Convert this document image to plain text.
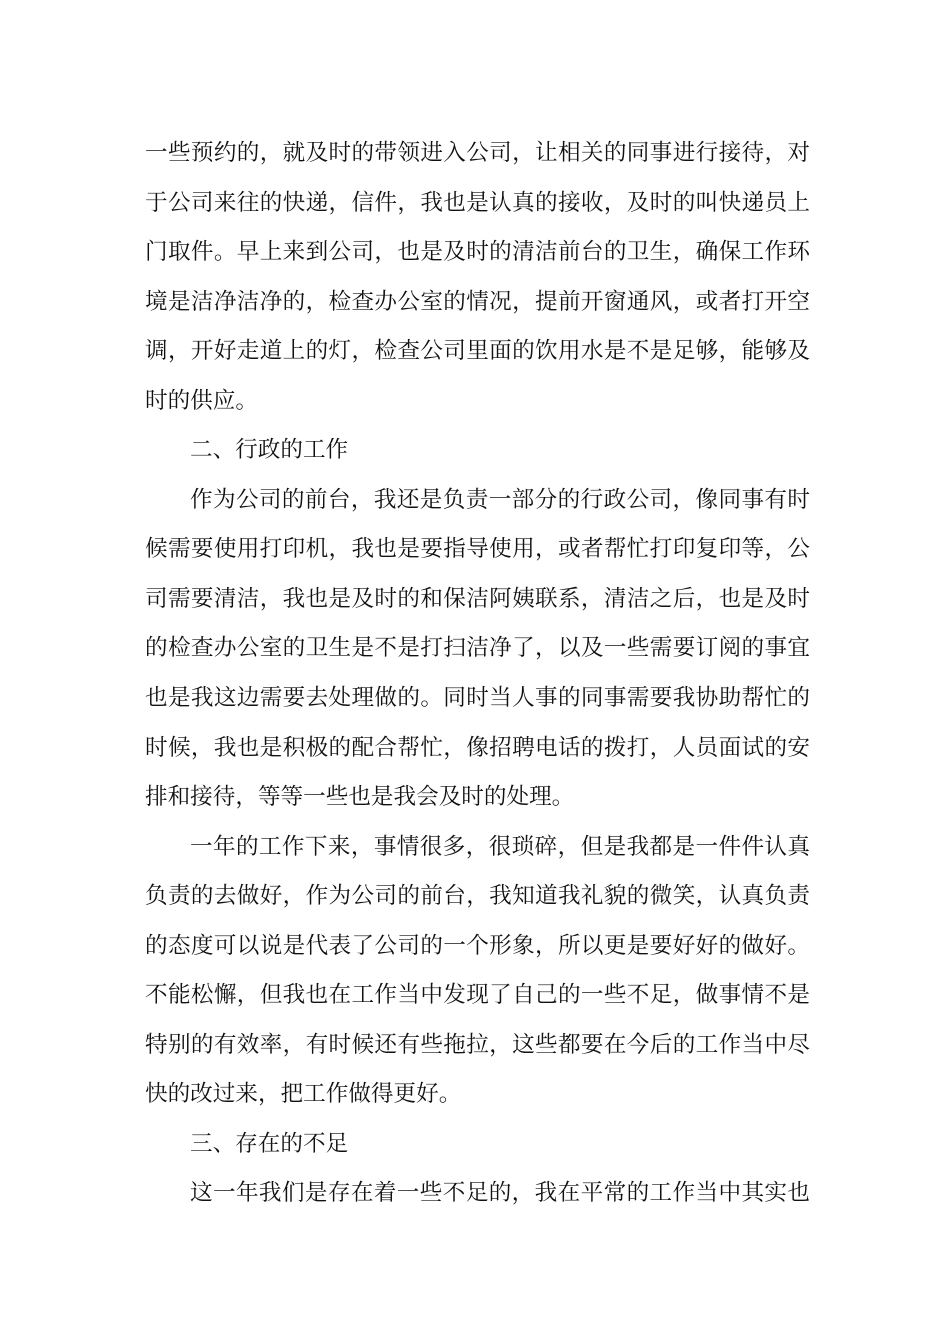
一些预约的，就及时的带领进入公司，让相关的同事进行接待，对
于公司来往的快递，信件，我也是认真的接收，及时的叫快递员上
门取件。早上来到公司，也是及时的清洁前台的卫生，确保工作环
境是洁净洁净的，检查办公室的情况，提前开窗通风，或者打开空
调，开好走道上的灯，检查公司里面的饮用水是不是足够，能够及
时的供应。
二、行政的工作
作为公司的前台，我还是负责一部分的行政公司，像同事有时
候需要使用打印机，我也是要指导使用，或者帮忙打印复印等，公
司需要清洁，我也是及时的和保洁阿姨联系，清洁之后，也是及时
的检查办公室的卫生是不是打扫洁净了，以及一些需要订阅的事宜
也是我这边需要去处理做的。同时当人事的同事需要我协助帮忙的
时候，我也是积极的配合帮忙，像招聘电话的拨打，人员面试的安
排和接待，等等一些也是我会及时的处理。
一年的工作下来，事情很多，很琐碎，但是我都是一件件认真
负责的去做好，作为公司的前台，我知道我礼貌的微笑，认真负责
的态度可以说是代表了公司的一个形象，所以更是要好好的做好。
不能松懈，但我也在工作当中发现了自己的一些不足，做事情不是
特别的有效率，有时候还有些拖拉，这些都要在今后的工作当中尽
快的改过来，把工作做得更好。
三、存在的不足
这一年我们是存在着一些不足的，我在平常的工作当中其实也
